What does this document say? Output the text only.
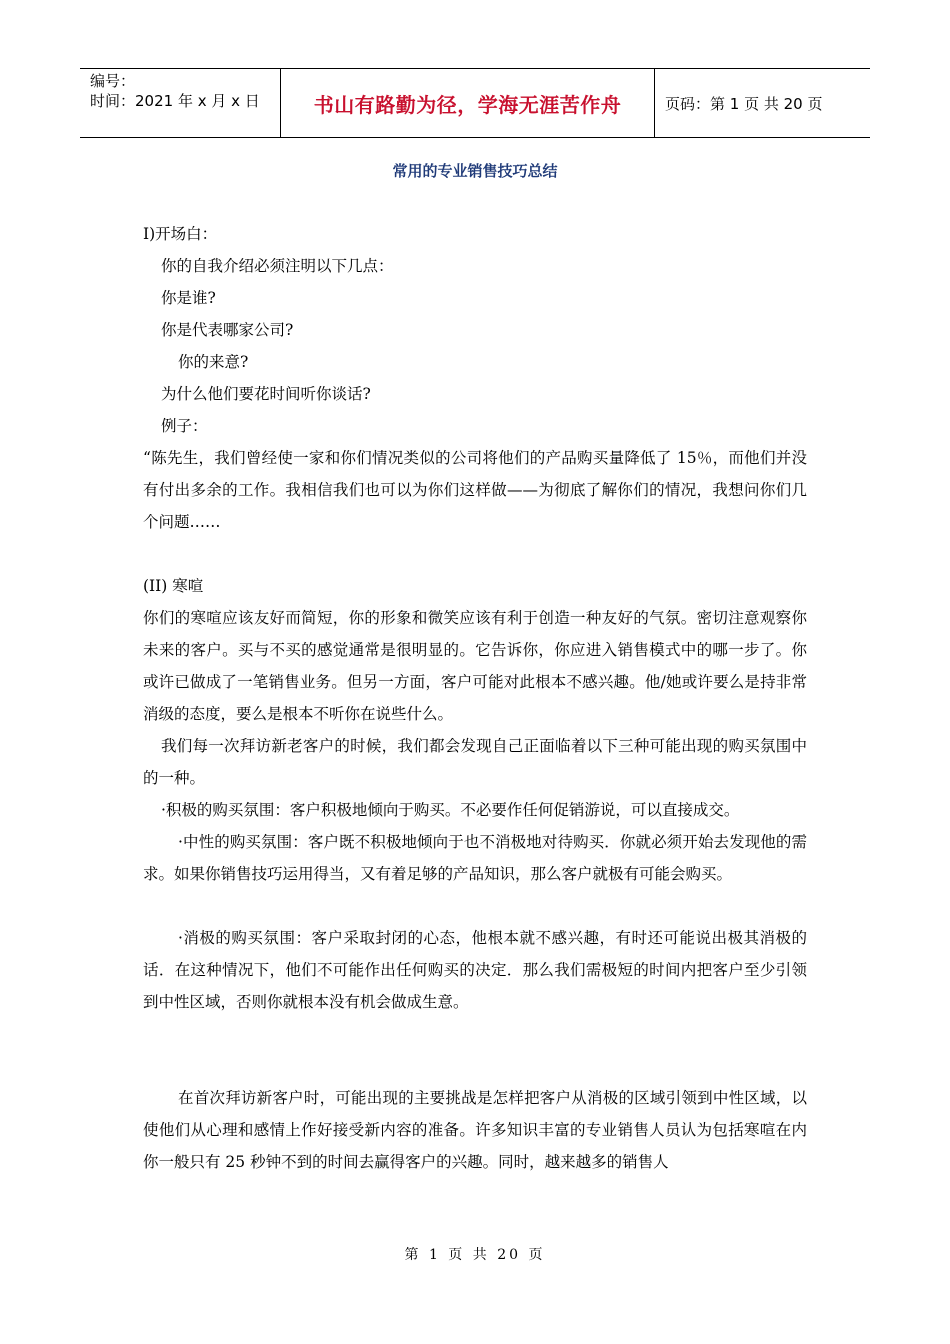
编号：
时间：2021 年 x 月 x 日	书山有路勤为径，学海无涯苦作舟	页码：第 1 页 共 20 页
常用的专业销售技巧总结

I)开场白：

你的自我介绍必须注明以下几点：

你是谁?

你是代表哪家公司?

你的来意?

为什么他们要花时间听你谈话?

例子：

“陈先生，我们曾经使一家和你们情况类似的公司将他们的产品购买量降低了 15％，而他们并没有付出多余的工作。我相信我们也可以为你们这样做——为彻底了解你们的情况，我想问你们几个问题……

(II) 寒喧

你们的寒喧应该友好而简短，你的形象和微笑应该有利于创造一种友好的气氛。密切注意观察你未来的客户。买与不买的感觉通常是很明显的。它告诉你，你应进入销售模式中的哪一步了。你或许已做成了一笔销售业务。但另一方面，客户可能对此根本不感兴趣。他/她或许要么是持非常消级的态度，要么是根本不听你在说些什么。

我们每一次拜访新老客户的时候，我们都会发现自己正面临着以下三种可能出现的购买氛围中的一种。

·积极的购买氛围：客户积极地倾向于购买。不必要作任何促销游说，可以直接成交。

·中性的购买氛围：客户既不积极地倾向于也不消极地对待购买．你就必须开始去发现他的需求。如果你销售技巧运用得当，又有着足够的产品知识，那么客户就极有可能会购买。

·消极的购买氛围：客户采取封闭的心态，他根本就不感兴趣，有时还可能说出极其消极的话．在这种情况下，他们不可能作出任何购买的决定．那么我们需极短的时间内把客户至少引领到中性区域，否则你就根本没有机会做成生意。

在首次拜访新客户时，可能出现的主要挑战是怎样把客户从消极的区域引领到中性区域，以使他们从心理和感情上作好接受新内容的准备。许多知识丰富的专业销售人员认为包括寒喧在内你一般只有 25 秒钟不到的时间去赢得客户的兴趣。同时，越来越多的销售人

第 1 页 共 20 页
